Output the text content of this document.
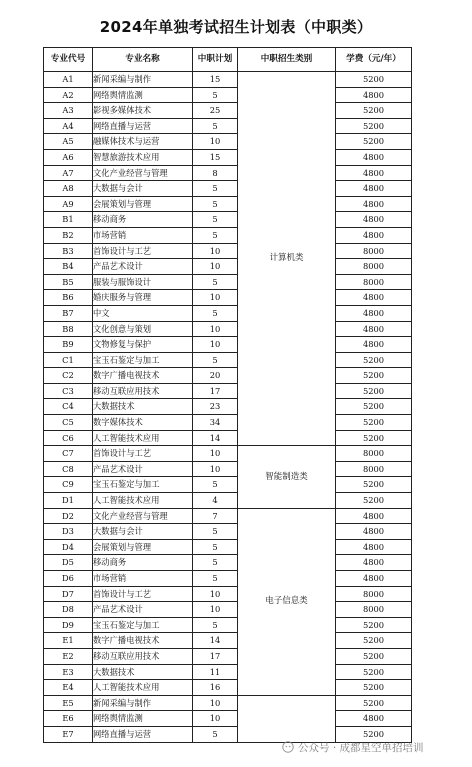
2024年单独考试招生计划表（中职类）
专业代号	专业名称	中职计划	中职招生类别	学费（元/年）
A1	新闻采编与制作	15	计算机类	5200
A2	网络舆情监测	5		4800
A3	影视多媒体技术	25		5200
A4	网络直播与运营	5		5200
A5	融媒体技术与运营	10		5200
A6	智慧旅游技术应用	15		4800
A7	文化产业经营与管理	8		4800
A8	大数据与会计	5		4800
A9	会展策划与管理	5		4800
B1	移动商务	5		4800
B2	市场营销	5		4800
B3	首饰设计与工艺	10		8000
B4	产品艺术设计	10		8000
B5	服装与服饰设计	5		8000
B6	婚庆服务与管理	10		4800
B7	中文	5		4800
B8	文化创意与策划	10		4800
B9	文物修复与保护	10		4800
C1	宝玉石鉴定与加工	5		5200
C2	数字广播电视技术	20		5200
C3	移动互联应用技术	17		5200
C4	大数据技术	23		5200
C5	数字媒体技术	34		5200
C6	人工智能技术应用	14		5200
C7	首饰设计与工艺	10	智能制造类	8000
C8	产品艺术设计	10		8000
C9	宝玉石鉴定与加工	5		5200
D1	人工智能技术应用	4		5200
D2	文化产业经营与管理	7	电子信息类	4800
D3	大数据与会计	5		4800
D4	会展策划与管理	5		4800
D5	移动商务	5		4800
D6	市场营销	5		4800
D7	首饰设计与工艺	10		8000
D8	产品艺术设计	10		8000
D9	宝玉石鉴定与加工	5		5200
E1	数字广播电视技术	14		5200
E2	移动互联应用技术	17		5200
E3	大数据技术	11		5200
E4	人工智能技术应用	16		5200
E5	新闻采编与制作	10		5200
E6	网络舆情监测	10		4800
E7	网络直播与运营	5		5200
公众号 · 成都星空单招培训
